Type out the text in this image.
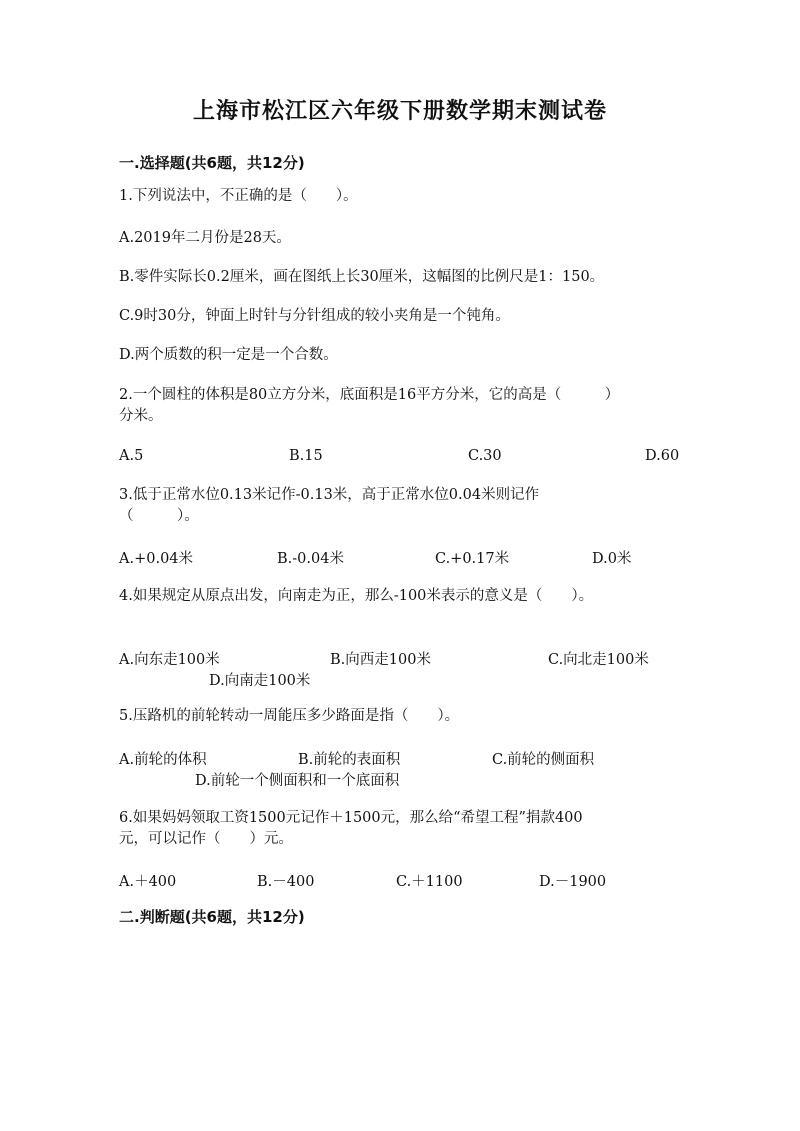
上海市松江区六年级下册数学期末测试卷
一.选择题(共6题，共12分)
1.下列说法中，不正确的是（　　）。
A.2019年二月份是28天。
B.零件实际长0.2厘米，画在图纸上长30厘米，这幅图的比例尺是1：150。
C.9时30分，钟面上时针与分针组成的较小夹角是一个钝角。
D.两个质数的积一定是一个合数。
2.一个圆柱的体积是80立方分米，底面积是16平方分米，它的高是（　　　）
分米。
A.5	B.15	C.30	D.60
3.低于正常水位0.13米记作-0.13米，高于正常水位0.04米则记作
（　　　）。
A.+0.04米	B.-0.04米	C.+0.17米	D.0米
4.如果规定从原点出发，向南走为正，那么-100米表示的意义是（　　）。
A.向东走100米	B.向西走100米	C.向北走100米
D.向南走100米
5.压路机的前轮转动一周能压多少路面是指（　　）。
A.前轮的体积	B.前轮的表面积	C.前轮的侧面积
D.前轮一个侧面积和一个底面积
6.如果妈妈领取工资1500元记作＋1500元，那么给“希望工程”捐款400
元，可以记作（　　）元。
A.＋400	B.－400	C.＋1100	D.－1900
二.判断题(共6题，共12分)
